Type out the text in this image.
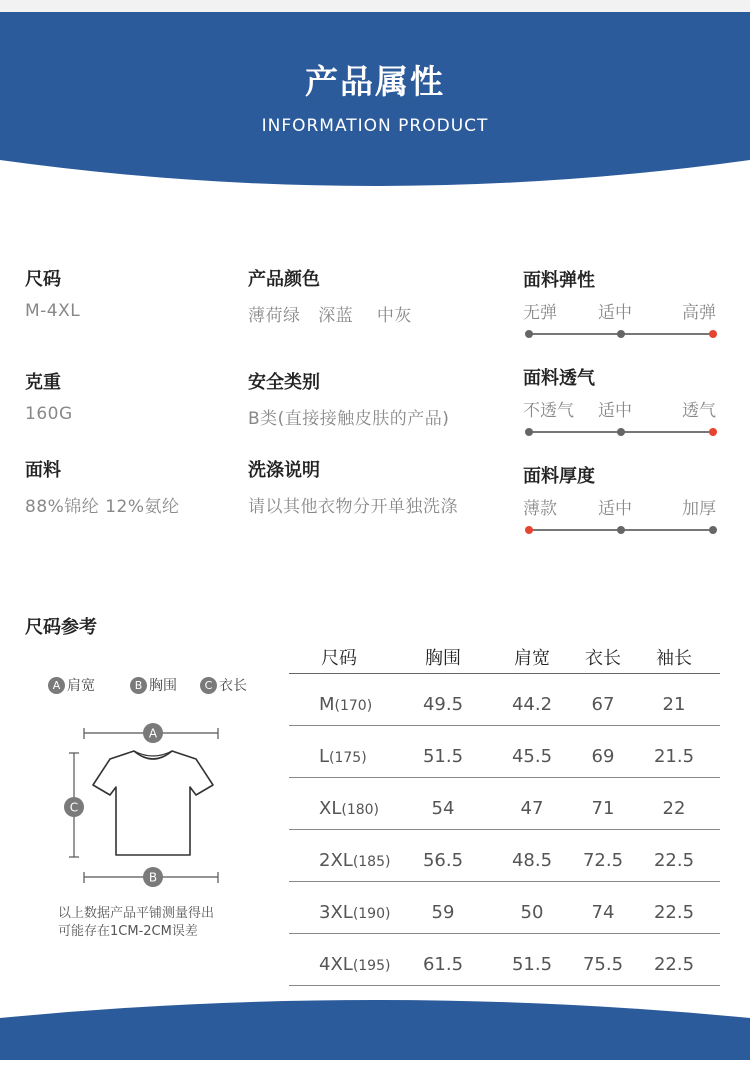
产品属性
INFORMATION PRODUCT
尺码
M-4XL
克重
160G
面料
88%锦纶 12%氨纶
产品颜色
薄荷绿   深蓝    中灰
安全类别
B类(直接接触皮肤的产品)
洗涤说明
请以其他衣物分开单独洗涤
面料弹性
无弹 适中	高弹
面料透气
不透气 适中	透气
面料厚度
薄款 适中	加厚
尺码参考
A 肩宽	B 胸围	C 衣长
A
C
B
以上数据产品平铺测量得出
可能存在1CM-2CM误差
尺码	胸围	肩宽	衣长	袖长
M(170)	49.5	44.2	67	21
L(175)	51.5	45.5	69	21.5
XL(180)	54	47	71	22
2XL(185)	56.5	48.5	72.5	22.5
3XL(190)	59	50	74	22.5
4XL(195)	61.5	51.5	75.5	22.5
